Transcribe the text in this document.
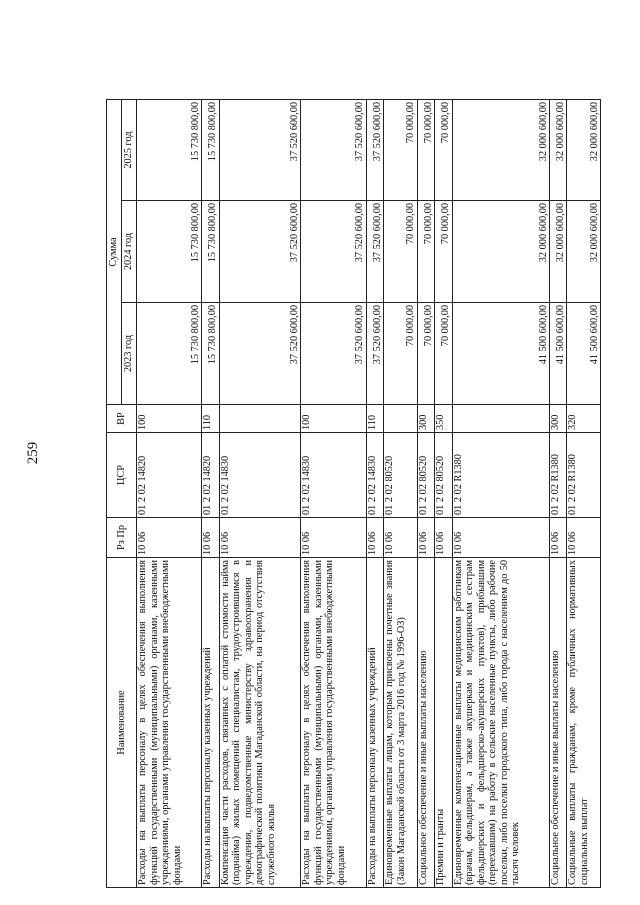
259
Наименование	Рз Пр	ЦСР	ВР	Сумма		
				2023 год	2024 год	2025 год
Расходы на выплаты персоналу в целях обеспечения выполнения функций государственными (муниципальными) органами, казенными учреждениями, органами управления государственными внебюджетными фондами	10 06	01 2 02 14820	100	15 730 800,00	15 730 800,00	15 730 800,00
Расходы на выплаты персоналу казенных учреждений	10 06	01 2 02 14820	110	15 730 800,00	15 730 800,00	15 730 800,00
Компенсация части расходов, связанных с оплатой стоимости найма (поднайма) жилых помещений специалистам, трудоустроившимся в учреждения, подведомственные министерству здравоохранения и демографической политики Магаданской области, на период отсутствия служебного жилья	10 06	01 2 02 14830		37 520 600,00	37 520 600,00	37 520 600,00
Расходы на выплаты персоналу в целях обеспечения выполнения функций государственными (муниципальными) органами, казенными учреждениями, органами управления государственными внебюджетными фондами	10 06	01 2 02 14830	100	37 520 600,00	37 520 600,00	37 520 600,00
Расходы на выплаты персоналу казенных учреждений	10 06	01 2 02 14830	110	37 520 600,00	37 520 600,00	37 520 600,00
Единовременные выплаты лицам, которым присвоены почетные звания (Закон Магаданской области от 3 марта 2016 год № 1996-ОЗ)	10 06	01 2 02 80520		70 000,00	70 000,00	70 000,00
Социальное обеспечение и иные выплаты населению	10 06	01 2 02 80520	300	70 000,00	70 000,00	70 000,00
Премии и гранты	10 06	01 2 02 80520	350	70 000,00	70 000,00	70 000,00
Единовременные компенсационные выплаты медицинским работникам (врачам, фельдшерам, а также акушеркам и медицинским сестрам фельдшерских и фельдшерско-акушерских пунктов), прибывшим (переехавшим) на работу в сельские населенные пункты, либо рабочие поселки, либо поселки городского типа, либо города с населением до 50 тысяч человек	10 06	01 2 02 R1380		41 500 600,00	32 000 600,00	32 000 600,00
Социальное обеспечение и иные выплаты населению	10 06	01 2 02 R1380	300	41 500 600,00	32 000 600,00	32 000 600,00
Социальные выплаты гражданам, кроме публичных нормативных социальных выплат	10 06	01 2 02 R1380	320	41 500 600,00	32 000 600,00	32 000 600,00
